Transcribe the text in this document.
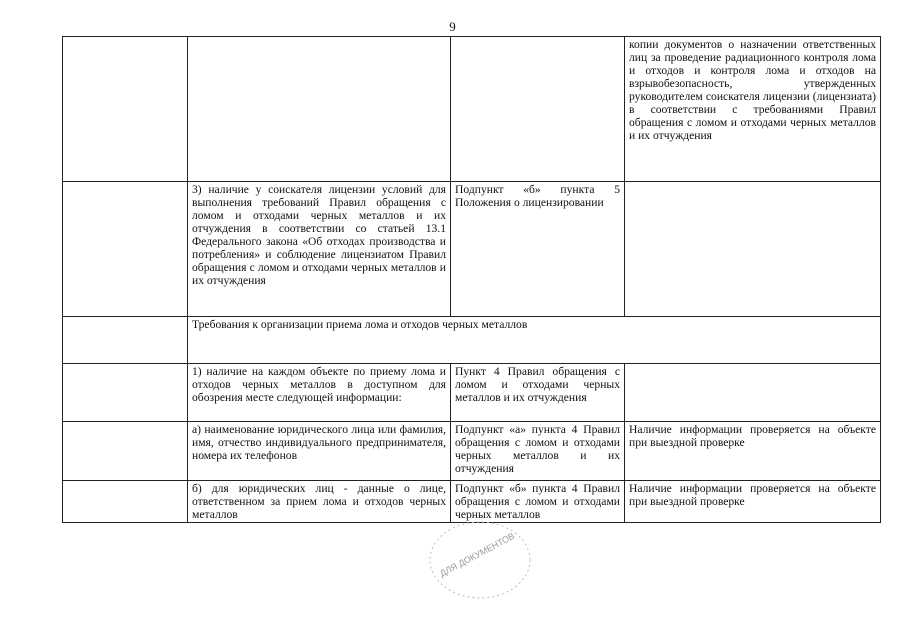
9
			копии документов о назначении ответственных лиц за проведение радиационного контроля лома и отходов и контроля лома и отходов на взрывобезопасность, утвержденных руководителем соискателя лицензии (лицензиата) в соответствии с требованиями Правил обращения с ломом и отходами черных металлов и их отчуждения
	3) наличие у соискателя лицензии условий для выполнения требований Правил обращения с ломом и отходами черных металлов и их отчуждения в соответствии со статьей 13.1 Федерального закона «Об отходах производства и потребления» и соблюдение лицензиатом Правил обращения с ломом и отходами черных металлов и их отчуждения	Подпункт «б» пункта 5 Положения о лицензировании	
	Требования к организации приема лома и отходов черных металлов		
	1) наличие на каждом объекте по приему лома и отходов черных металлов в доступном для обозрения месте следующей информации:	Пункт 4 Правил обращения с ломом и отходами черных металлов и их отчуждения	
	а) наименование юридического лица или фамилия, имя, отчество индивидуального предпринимателя, номера их телефонов	Подпункт «а» пункта 4 Правил обращения с ломом и отходами черных металлов и их отчуждения	Наличие информации проверяется на объекте при выездной проверке
	б) для юридических лиц - данные о лице, ответственном за прием лома и отходов черных металлов	Подпункт «б» пункта 4 Правил обращения с ломом и отходами черных металлов	Наличие информации проверяется на объекте при выездной проверке
ДЛЯ ДОКУМЕНТОВ
